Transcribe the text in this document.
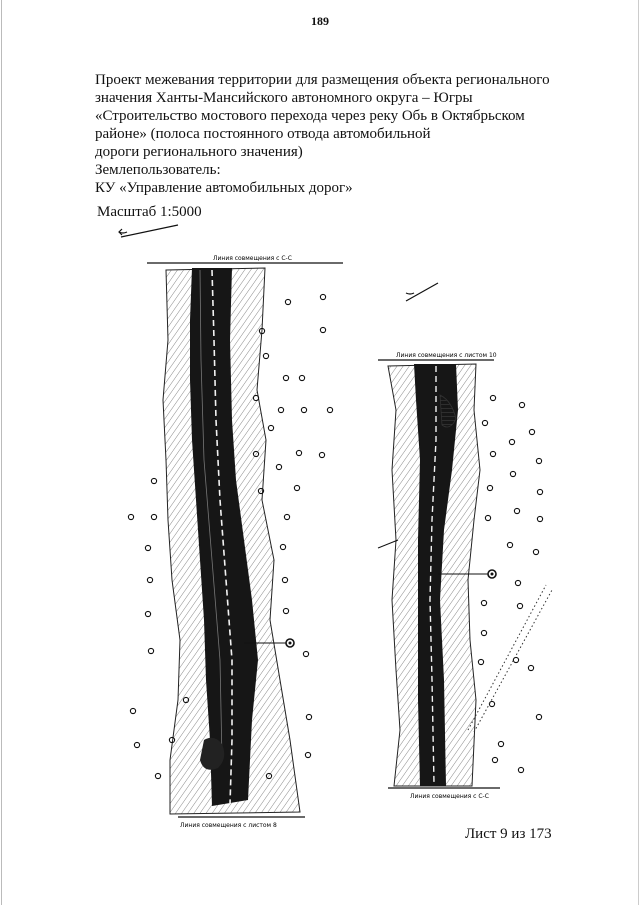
189
Проект межевания территории для размещения объекта регионального
значения Ханты-Мансийского автономного округа – Югры
«Строительство мостового перехода через реку Обь в Октябрьском
районе» (полоса постоянного отвода автомобильной
дороги регионального значения)
Землепользователь:
КУ «Управление автомобильных дорог»
Масштаб 1:5000
Линия совмещения с С-С
Линия совмещения с листом 8
Линия совмещения с листом 10
Линия совмещения с С-С
Лист 9 из 173
